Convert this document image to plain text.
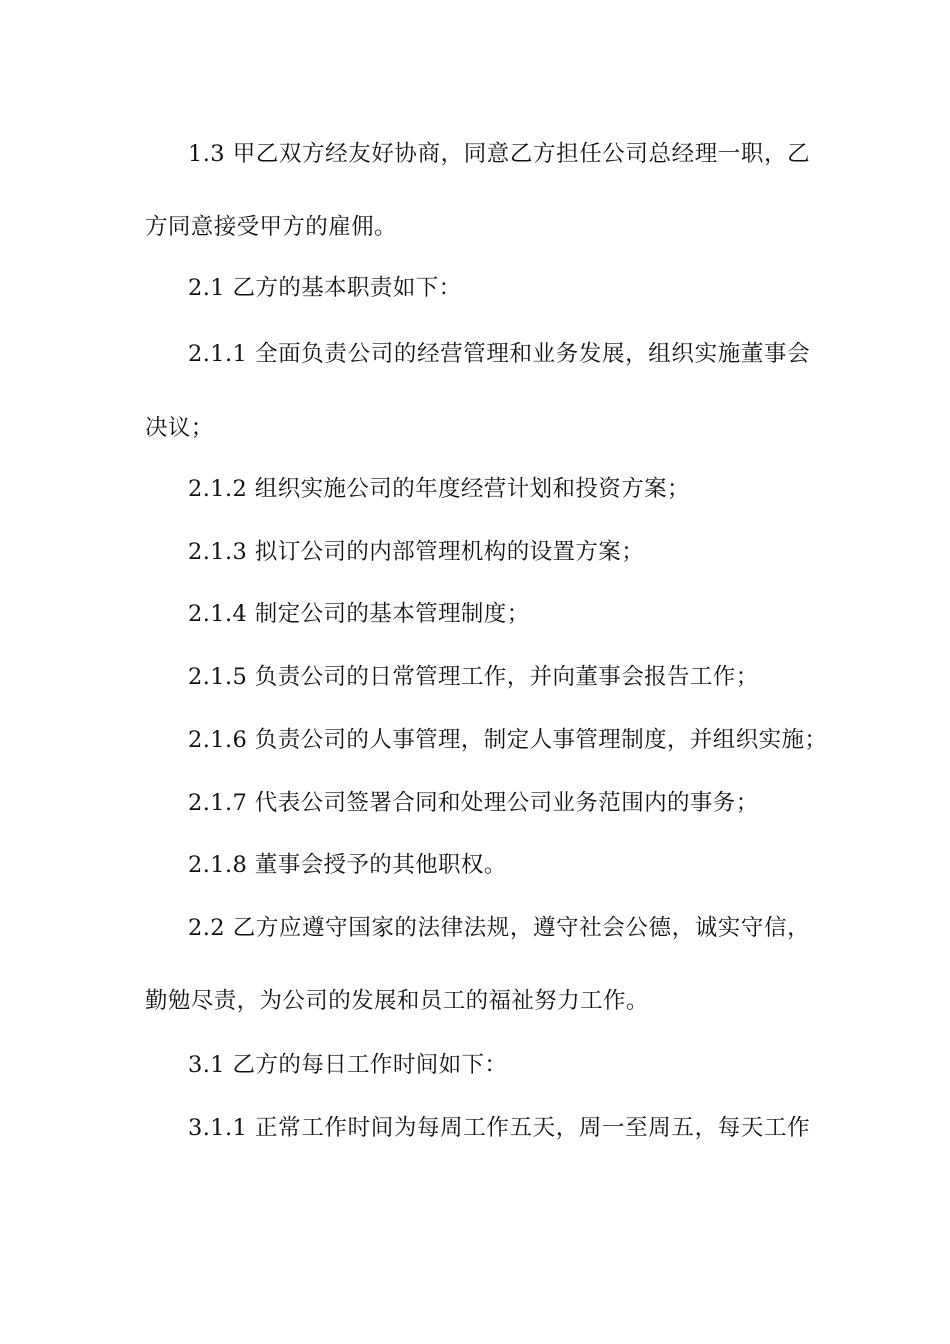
1.3 甲乙双方经友好协商，同意乙方担任公司总经理一职，乙
方同意接受甲方的雇佣。
2.1 乙方的基本职责如下：
2.1.1 全面负责公司的经营管理和业务发展，组织实施董事会
决议；
2.1.2 组织实施公司的年度经营计划和投资方案；
2.1.3 拟订公司的内部管理机构的设置方案；
2.1.4 制定公司的基本管理制度；
2.1.5 负责公司的日常管理工作，并向董事会报告工作；
2.1.6 负责公司的人事管理，制定人事管理制度，并组织实施；
2.1.7 代表公司签署合同和处理公司业务范围内的事务；
2.1.8 董事会授予的其他职权。
2.2 乙方应遵守国家的法律法规，遵守社会公德，诚实守信，
勤勉尽责，为公司的发展和员工的福祉努力工作。
3.1 乙方的每日工作时间如下：
3.1.1 正常工作时间为每周工作五天，周一至周五，每天工作
